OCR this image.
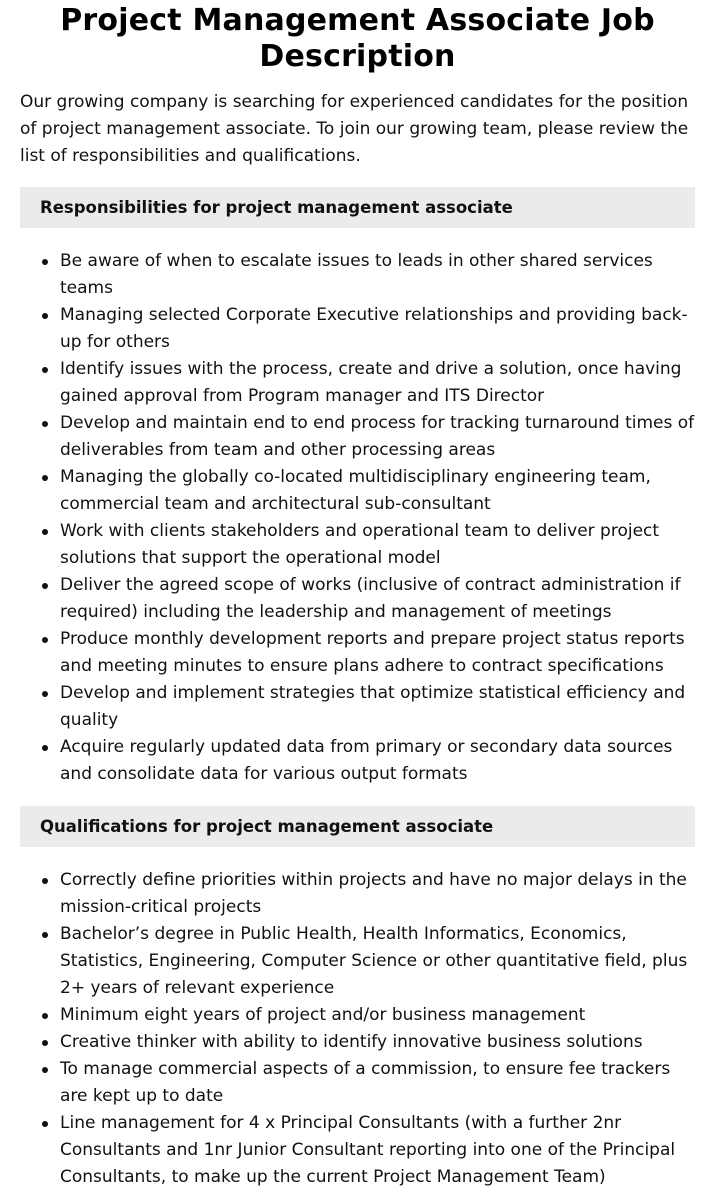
Project Management Associate Job Description

Our growing company is searching for experienced candidates for the position of project management associate. To join our growing team, please review the list of responsibilities and qualifications.

Responsibilities for project management associate
Be aware of when to escalate issues to leads in other shared services teams
Managing selected Corporate Executive relationships and providing back-up for others
Identify issues with the process, create and drive a solution, once having gained approval from Program manager and ITS Director
Develop and maintain end to end process for tracking turnaround times of deliverables from team and other processing areas
Managing the globally co-located multidisciplinary engineering team, commercial team and architectural sub-consultant
Work with clients stakeholders and operational team to deliver project solutions that support the operational model
Deliver the agreed scope of works (inclusive of contract administration if required) including the leadership and management of meetings
Produce monthly development reports and prepare project status reports and meeting minutes to ensure plans adhere to contract specifications
Develop and implement strategies that optimize statistical efficiency and quality
Acquire regularly updated data from primary or secondary data sources and consolidate data for various output formats
Qualifications for project management associate
Correctly define priorities within projects and have no major delays in the mission-critical projects
Bachelor’s degree in Public Health, Health Informatics, Economics, Statistics, Engineering, Computer Science or other quantitative field, plus 2+ years of relevant experience
Minimum eight years of project and/or business management
Creative thinker with ability to identify innovative business solutions
To manage commercial aspects of a commission, to ensure fee trackers are kept up to date
Line management for 4 x Principal Consultants (with a further 2nr Consultants and 1nr Junior Consultant reporting into one of the Principal Consultants, to make up the current Project Management Team)
